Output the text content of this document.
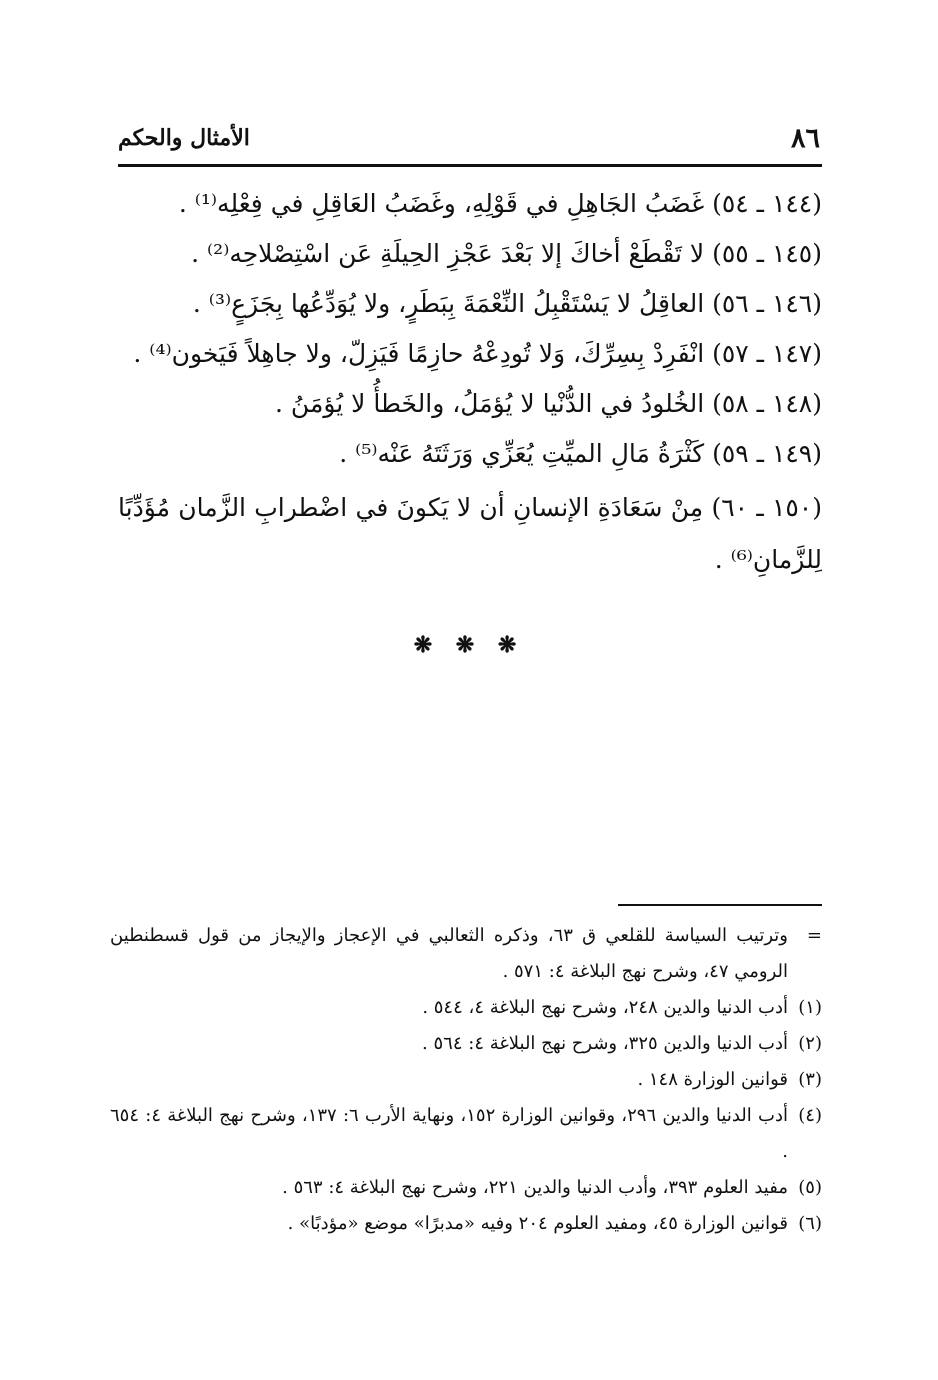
٨٦
الأمثال والحكم

(١٤٤ ـ ٥٤) غَضَبُ الجَاهِلِ في قَوْلِهِ، وغَضَبُ العَاقِلِ في فِعْلِه⁽¹⁾ .

(١٤٥ ـ ٥٥) لا تَقْطَعْ أخاكَ إلا بَعْدَ عَجْزِ الحِيلَةِ عَن اسْتِصْلاحِه⁽²⁾ .

(١٤٦ ـ ٥٦) العاقِلُ لا يَسْتَقْبِلُ النِّعْمَةَ بِبَطَرٍ، ولا يُوَدِّعُها بِجَزَعٍ⁽³⁾ .

(١٤٧ ـ ٥٧) انْفَرِدْ بِسِرِّكَ، وَلا تُودِعْهُ حازِمًا فَيَزِلّ، ولا جاهِلاً فَيَخون⁽⁴⁾ .

(١٤٨ ـ ٥٨) الخُلودُ في الدُّنْيا لا يُؤمَلُ، والخَطأُ لا يُؤمَنُ .

(١٤٩ ـ ٥٩) كَثْرَةُ مَالِ الميِّتِ يُعَزِّي وَرَثَتَهُ عَنْه⁽⁵⁾ .

(١٥٠ ـ ٦٠) مِنْ سَعَادَةِ الإنسانِ أن لا يَكونَ في اضْطرابِ الزَّمان مُؤَدِّبًا لِلزَّمانِ⁽⁶⁾ .

❋ ❋ ❋
=
وترتيب السياسة للقلعي ق ٦٣، وذكره الثعالبي في الإعجاز والإيجاز من قول قسطنطين الرومي ٤٧، وشرح نهج البلاغة ٤: ٥٧١ .
(١)
أدب الدنيا والدين ٢٤٨، وشرح نهج البلاغة ٤، ٥٤٤ .
(٢)
أدب الدنيا والدين ٣٢٥، وشرح نهج البلاغة ٤: ٥٦٤ .
(٣)
قوانين الوزارة ١٤٨ .
(٤)
أدب الدنيا والدين ٢٩٦، وقوانين الوزارة ١٥٢، ونهاية الأرب ٦: ١٣٧، وشرح نهج البلاغة ٤: ٦٥٤ .
(٥)
مفيد العلوم ٣٩٣، وأدب الدنيا والدين ٢٢١، وشرح نهج البلاغة ٤: ٥٦٣ .
(٦)
قوانين الوزارة ٤٥، ومفيد العلوم ٢٠٤ وفيه «مدبرًا» موضع «مؤدبًا» .
